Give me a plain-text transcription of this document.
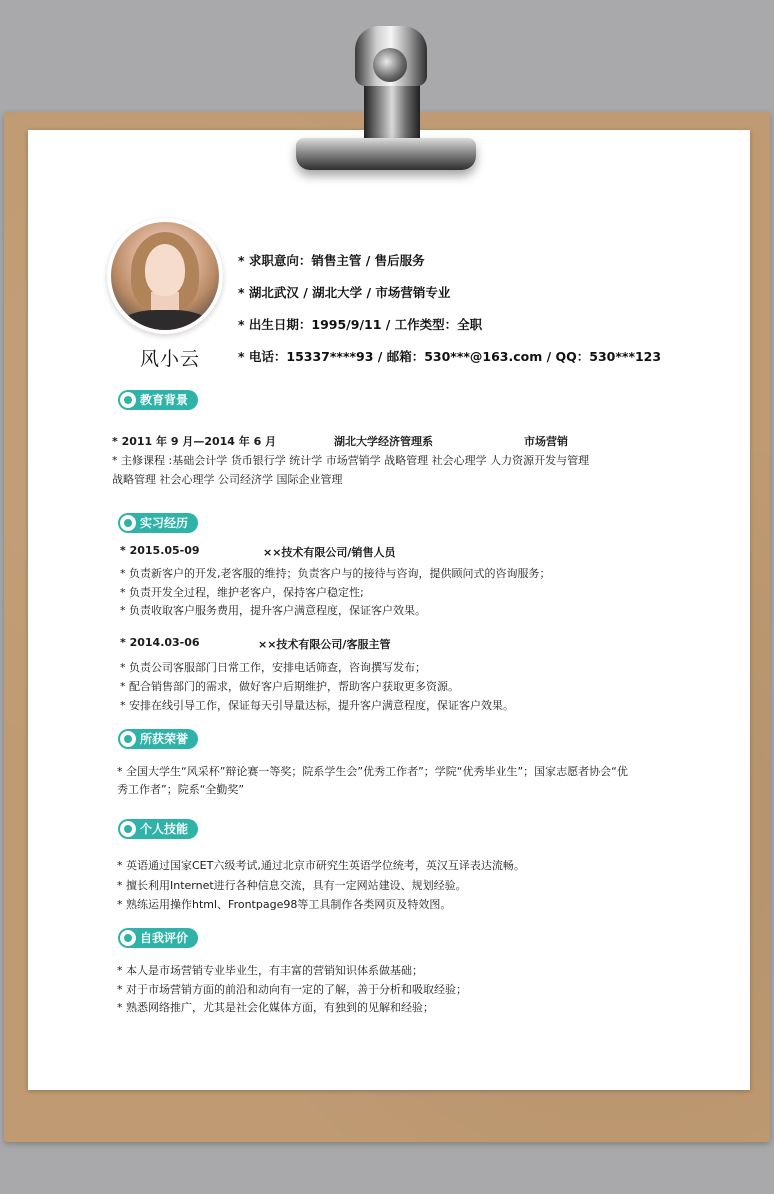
风小云
* 求职意向：销售主管 / 售后服务
* 湖北武汉 / 湖北大学 / 市场营销专业
* 出生日期：1995/9/11 / 工作类型：全职
* 电话：15337****93 / 邮箱：530***@163.com / QQ：530***123
教育背景
* 2011 年 9 月—2014 年 6 月	湖北大学经济管理系	市场营销
* 主修课程 :基础会计学 货币银行学 统计学 市场营销学 战略管理 社会心理学 人力资源开发与管理
战略管理 社会心理学 公司经济学 国际企业管理
实习经历
* 2015.05-09	××技术有限公司/销售人员
* 负责新客户的开发,老客服的维持；负责客户与的接待与咨询，提供顾问式的咨询服务；
* 负责开发全过程，维护老客户，保持客户稳定性;
* 负责收取客户服务费用，提升客户满意程度，保证客户效果。
* 2014.03-06	××技术有限公司/客服主管
* 负责公司客服部门日常工作，安排电话筛查，咨询撰写发布；
* 配合销售部门的需求，做好客户后期维护，帮助客户获取更多资源。
* 安排在线引导工作，保证每天引导量达标，提升客户满意程度，保证客户效果。
所获荣誉
* 全国大学生“风采杯”辩论赛一等奖；院系学生会”优秀工作者”；学院“优秀毕业生”；国家志愿者协会“优
秀工作者”；院系“全勤奖”
个人技能
* 英语通过国家CET六级考试,通过北京市研究生英语学位统考，英汉互译表达流畅。
* 擅长利用Internet进行各种信息交流，具有一定网站建设、规划经验。
* 熟练运用操作html、Frontpage98等工具制作各类网页及特效图。
自我评价
* 本人是市场营销专业毕业生，有丰富的营销知识体系做基础；
* 对于市场营销方面的前沿和动向有一定的了解，善于分析和吸取经验；
* 熟悉网络推广，尤其是社会化媒体方面，有独到的见解和经验；
